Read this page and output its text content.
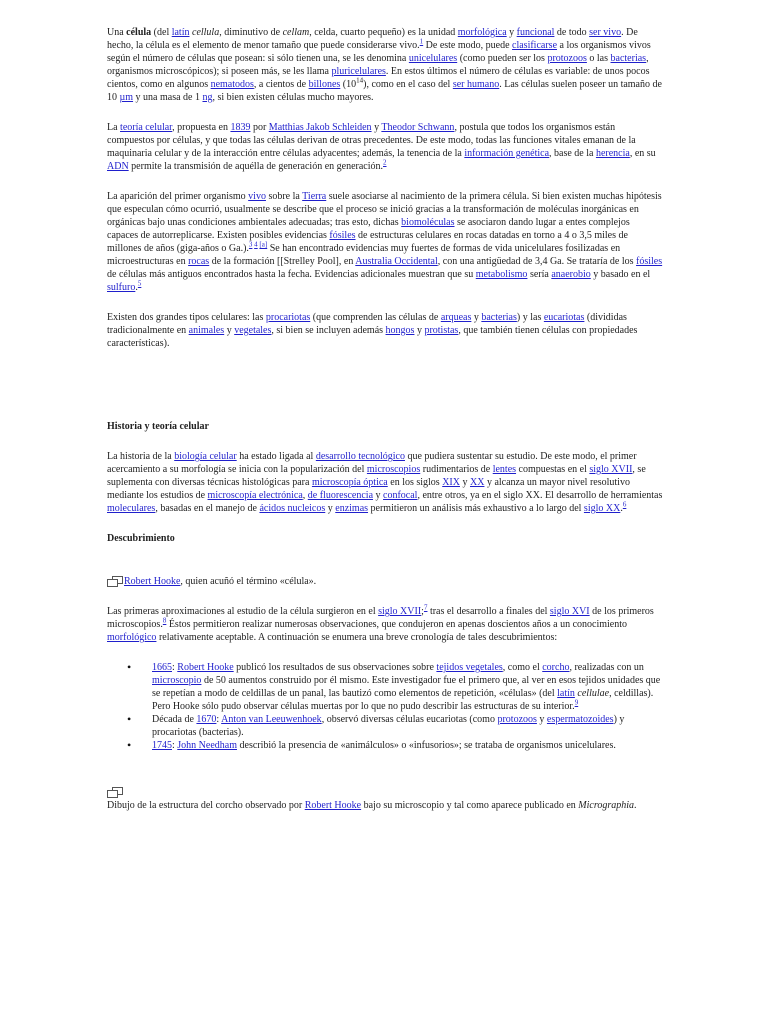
Una célula (del latín cellula, diminutivo de cellam, celda, cuarto pequeño) es la unidad morfológica y funcional de todo ser vivo. De hecho, la célula es el elemento de menor tamaño que puede considerarse vivo.$^1$ De este modo, puede clasificarse a los organismos vivos según el número de células que posean: si sólo tienen una, se les denomina unicelulares (como pueden ser los protozoos o las bacterias, organismos microscópicos); si poseen más, se les llama pluricelulares. En estos últimos el número de células es variable: de unos pocos cientos, como en algunos nematodos, a cientos de billones $(10^{14})$, como en el caso del ser humano. Las células suelen poseer un tamaño de 10 µm y una masa de 1 ng, si bien existen células mucho mayores.

La teoría celular, propuesta en 1839 por Matthias Jakob Schleiden y Theodor Schwann, postula que todos los organismos están compuestos por células, y que todas las células derivan de otras precedentes. De este modo, todas las funciones vitales emanan de la maquinaria celular y de la interacción entre células adyacentes; además, la tenencia de la información genética, base de la herencia, en su ADN permite la transmisión de aquélla de generación en generación.$^2$

La aparición del primer organismo vivo sobre la Tierra suele asociarse al nacimiento de la primera célula. Si bien existen muchas hipótesis que especulan cómo ocurrió, usualmente se describe que el proceso se inició gracias a la transformación de moléculas inorgánicas en orgánicas bajo unas condiciones ambientales adecuadas; tras esto, dichas biomoléculas se asociaron dando lugar a entes complejos capaces de autorreplicarse. Existen posibles evidencias fósiles de estructuras celulares en rocas datadas en torno a 4 o 3,5 miles de millones de años (giga-años o Ga.).$^{3 4 [a]}$ Se han encontrado evidencias muy fuertes de formas de vida unicelulares fosilizadas en microestructuras en rocas de la formación [[Strelley Pool], en Australia Occidental, con una antigüedad de 3,4 Ga. Se trataría de los fósiles de células más antiguos encontrados hasta la fecha. Evidencias adicionales muestran que su metabolismo sería anaerobio y basado en el sulfuro.$^5$

Existen dos grandes tipos celulares: las procariotas (que comprenden las células de arqueas y bacterias) y las eucariotas (divididas tradicionalmente en animales y vegetales, si bien se incluyen además hongos y protistas, que también tienen células con propiedades características).

Historia y teoría celular

La historia de la biología celular ha estado ligada al desarrollo tecnológico que pudiera sustentar su estudio. De este modo, el primer acercamiento a su morfología se inicia con la popularización del microscopios rudimentarios de lentes compuestas en el siglo XVII, se suplementa con diversas técnicas histológicas para microscopía óptica en los siglos XIX y XX y alcanza un mayor nivel resolutivo mediante los estudios de microscopía electrónica, de fluorescencia y confocal, entre otros, ya en el siglo XX. El desarrollo de herramientas moleculares, basadas en el manejo de ácidos nucleicos y enzimas permitieron un análisis más exhaustivo a lo largo del siglo XX.$^6$

Descubrimiento

Robert Hooke, quien acuñó el término «célula».

Las primeras aproximaciones al estudio de la célula surgieron en el siglo XVII;$^7$ tras el desarrollo a finales del siglo XVI de los primeros microscopios.$^8$ Éstos permitieron realizar numerosas observaciones, que condujeron en apenas doscientos años a un conocimiento morfológico relativamente aceptable. A continuación se enumera una breve cronología de tales descubrimientos:

• 1665: Robert Hooke publicó los resultados de sus observaciones sobre tejidos vegetales, como el corcho, realizadas con un microscopio de 50 aumentos construido por él mismo. Este investigador fue el primero que, al ver en esos tejidos unidades que se repetían a modo de celdillas de un panal, las bautizó como elementos de repetición, «células» (del latín cellulae, celdillas). Pero Hooke sólo pudo observar células muertas por lo que no pudo describir las estructuras de su interior.$^9$
• Década de 1670: Anton van Leeuwenhoek, observó diversas células eucariotas (como protozoos y espermatozoides) y procariotas (bacterias).
• 1745: John Needham describió la presencia de «animálculos» o «infusorios»; se trataba de organismos unicelulares.

Dibujo de la estructura del corcho observado por Robert Hooke bajo su microscopio y tal como aparece publicado en Micrographia.
